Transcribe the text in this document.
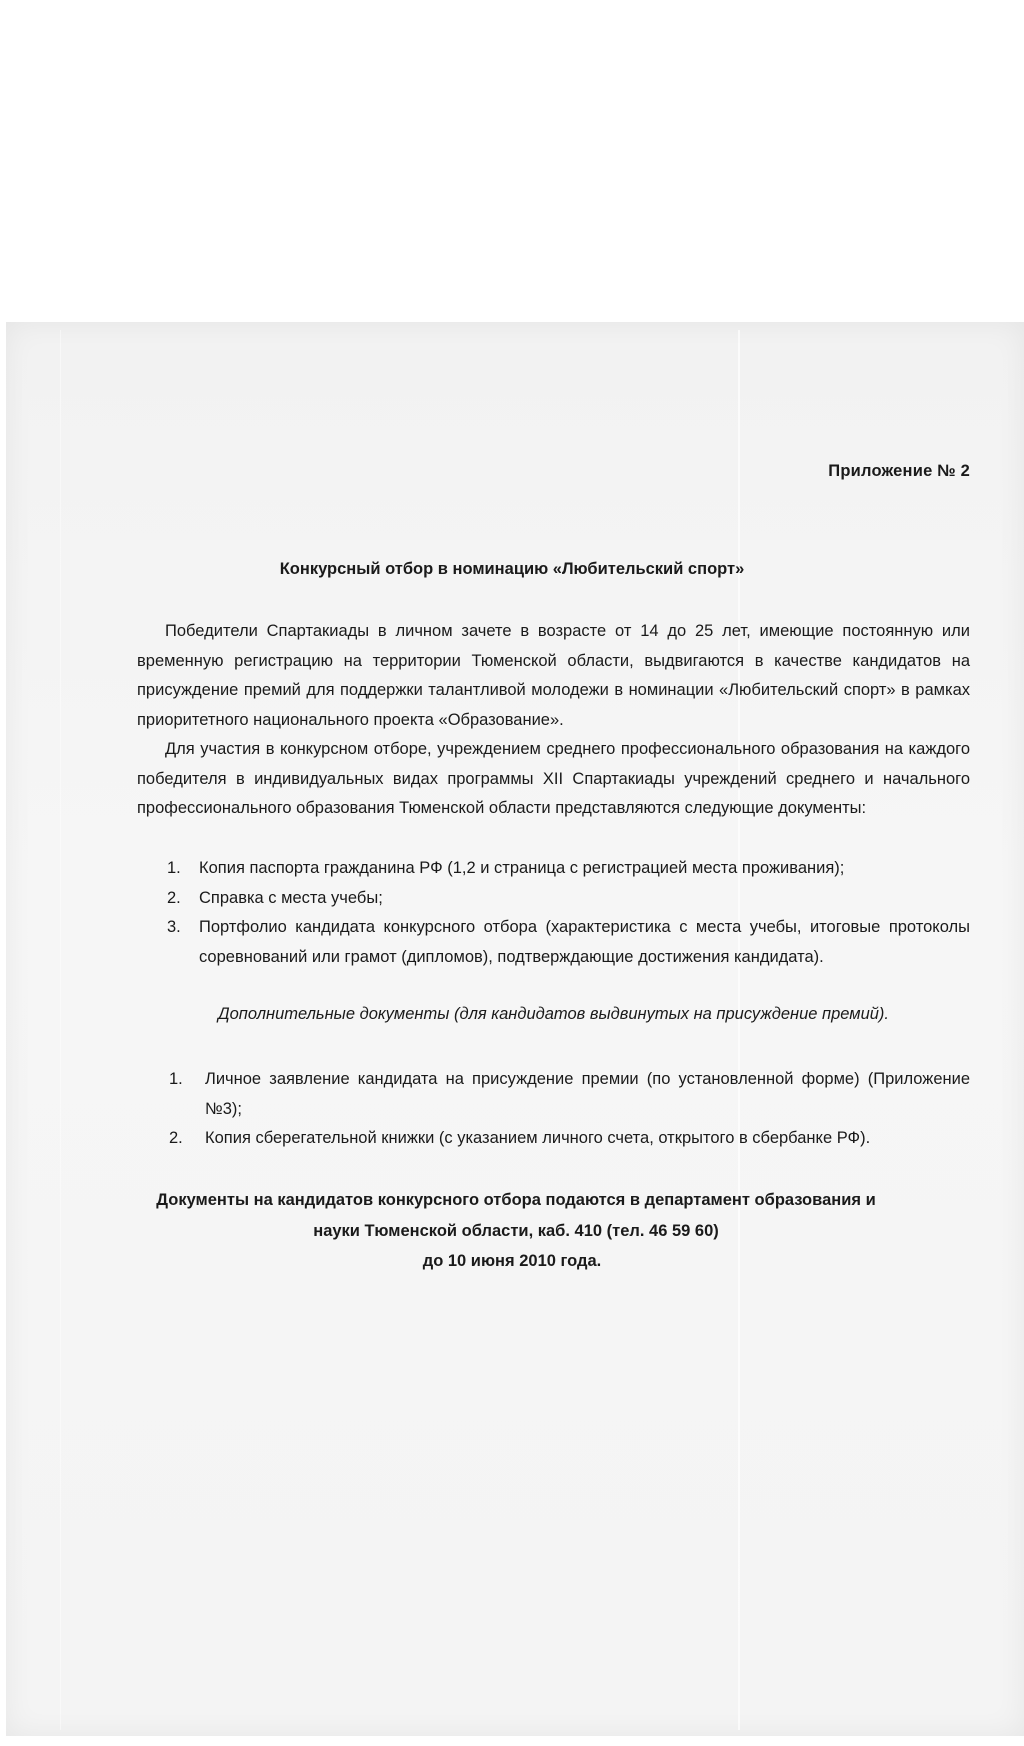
Приложение № 2
Конкурсный отбор в номинацию «Любительский спорт»
Победители Спартакиады в личном зачете в возрасте от 14 до 25 лет, имеющие постоянную или временную регистрацию на территории Тюменской области, выдвигаются в качестве кандидатов на присуждение премий для поддержки талантливой молодежи в номинации «Любительский спорт» в рамках приоритетного национального проекта «Образование».
Для участия в конкурсном отборе, учреждением среднего профессионального образования на каждого победителя в индивидуальных видах программы XII Спартакиады учреждений среднего и начального профессионального образования Тюменской области представляются следующие документы:
1. Копия паспорта гражданина РФ (1,2 и страница с регистрацией места проживания);
2. Справка с места учебы;
3. Портфолио кандидата конкурсного отбора (характеристика с места учебы, итоговые протоколы соревнований или грамот (дипломов), подтверждающие достижения кандидата).
Дополнительные документы (для кандидатов выдвинутых на присуждение премий).
1. Личное заявление кандидата на присуждение премии (по установленной форме) (Приложение №3);
2. Копия сберегательной книжки (с указанием личного счета, открытого в сбербанке РФ).
Документы на кандидатов конкурсного отбора подаются в департамент образования и
науки Тюменской области, каб. 410 (тел. 46 59 60)
до 10 июня 2010 года.
